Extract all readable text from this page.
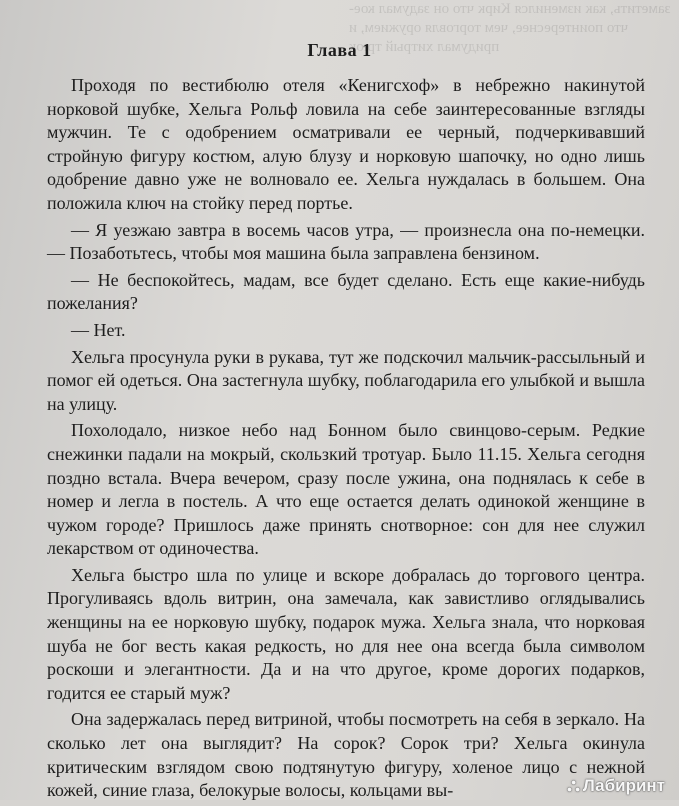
заметить, как изменился Кирк что он задумал кое-что поинтереснее, чем торговля оружием, и придумал хитрый трюк
Глава 1

Проходя по вестибюлю отеля «Кенигсхоф» в небрежно накинутой норковой шубке, Хельга Рольф ловила на себе заинтересованные взгляды мужчин. Те с одобрением осматривали ее черный, подчеркивавший стройную фигуру костюм, алую блузу и норковую шапочку, но одно лишь одобрение давно уже не волновало ее. Хельга нуждалась в большем. Она положила ключ на стойку перед портье.

— Я уезжаю завтра в восемь часов утра, — произнесла она по-немецки. — Позаботьтесь, чтобы моя машина была заправлена бензином.

— Не беспокойтесь, мадам, все будет сделано. Есть еще какие-нибудь пожелания?

— Нет.

Хельга просунула руки в рукава, тут же подскочил мальчик-рассыльный и помог ей одеться. Она застегнула шубку, поблагодарила его улыбкой и вышла на улицу.

Похолодало, низкое небо над Бонном было свинцово-серым. Редкие снежинки падали на мокрый, скользкий тротуар. Было 11.15. Хельга сегодня поздно встала. Вчера вечером, сразу после ужина, она поднялась к себе в номер и легла в постель. А что еще остается делать одинокой женщине в чужом городе? Пришлось даже принять снотворное: сон для нее служил лекарством от одиночества.

Хельга быстро шла по улице и вскоре добралась до торгового центра. Прогуливаясь вдоль витрин, она замечала, как завистливо оглядывались женщины на ее норковую шубку, подарок мужа. Хельга знала, что норковая шуба не бог весть какая редкость, но для нее она всегда была символом роскоши и элегантности. Да и на что другое, кроме дорогих подарков, годится ее старый муж?

Она задержалась перед витриной, чтобы посмотреть на себя в зеркало. На сколько лет она выглядит? На сорок? Сорок три? Хельга окинула критическим взглядом свою подтянутую фигуру, холеное лицо с нежной кожей, синие глаза, белокурые волосы, кольцами вы-	⛬ Лабиринт
